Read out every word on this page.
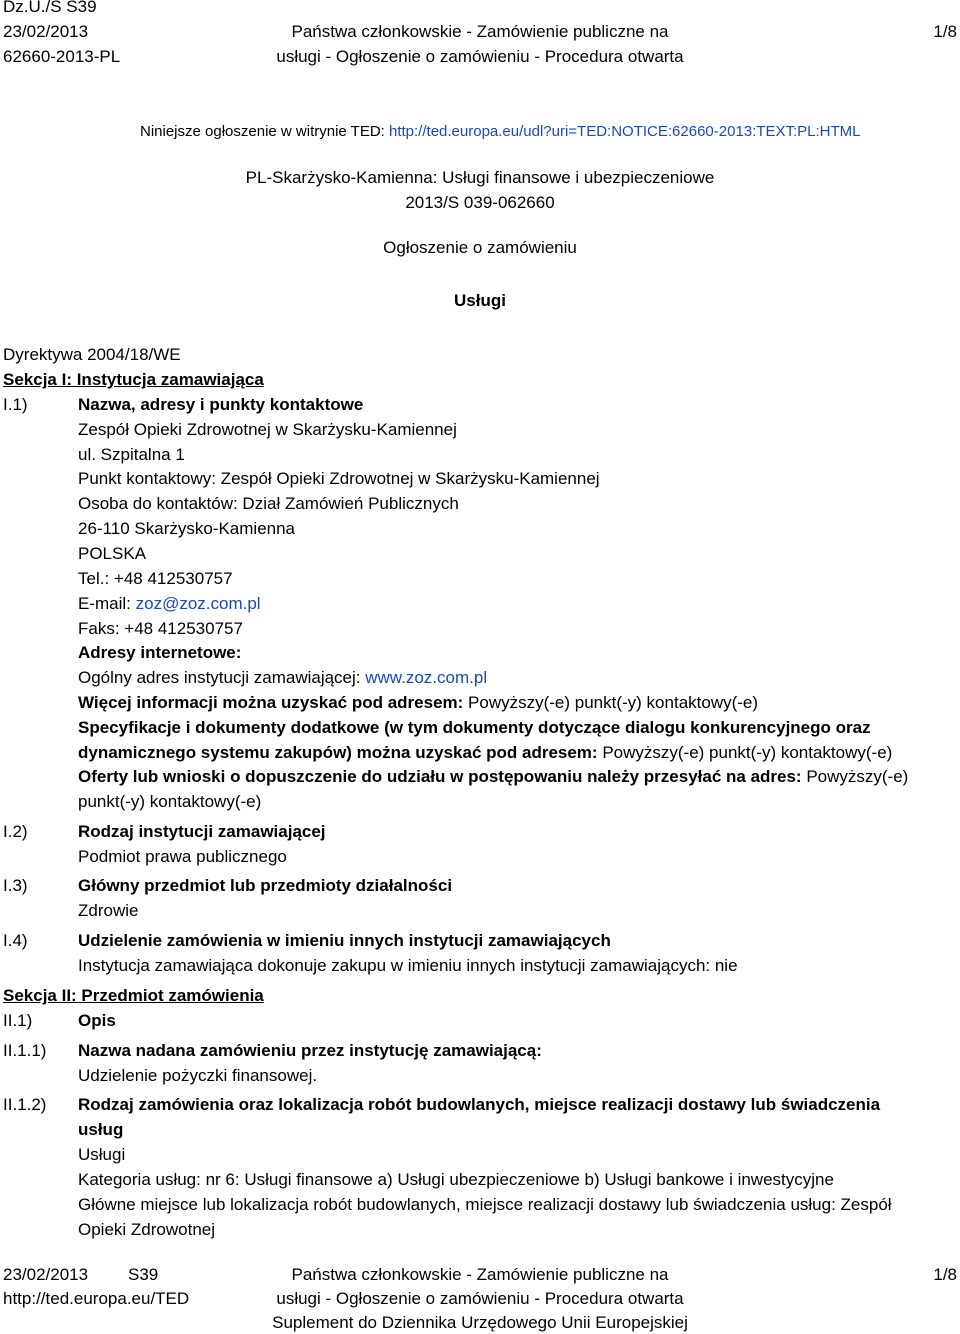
Dz.U./S S39
23/02/2013
62660-2013-PL
Państwa członkowskie - Zamówienie publiczne na
usługi - Ogłoszenie o zamówieniu - Procedura otwarta
1/8
Niniejsze ogłoszenie w witrynie TED: http://ted.europa.eu/udl?uri=TED:NOTICE:62660-2013:TEXT:PL:HTML
PL-Skarżysko-Kamienna: Usługi finansowe i ubezpieczeniowe
2013/S 039-062660
Ogłoszenie o zamówieniu
Usługi
Dyrektywa 2004/18/WE
Sekcja I: Instytucja zamawiająca
I.1)	Nazwa, adresy i punkty kontaktowe
Zespół Opieki Zdrowotnej w Skarżysku-Kamiennej
ul. Szpitalna 1
Punkt kontaktowy: Zespół Opieki Zdrowotnej w Skarżysku-Kamiennej
Osoba do kontaktów: Dział Zamówień Publicznych
26-110 Skarżysko-Kamienna
POLSKA
Tel.: +48 412530757
E-mail: zoz@zoz.com.pl
Faks: +48 412530757
Adresy internetowe:
Ogólny adres instytucji zamawiającej: www.zoz.com.pl
Więcej informacji można uzyskać pod adresem: Powyższy(-e) punkt(-y) kontaktowy(-e)
Specyfikacje i dokumenty dodatkowe (w tym dokumenty dotyczące dialogu konkurencyjnego oraz
dynamicznego systemu zakupów) można uzyskać pod adresem: Powyższy(-e) punkt(-y) kontaktowy(-e)
Oferty lub wnioski o dopuszczenie do udziału w postępowaniu należy przesyłać na adres: Powyższy(-e)
punkt(-y) kontaktowy(-e)
I.2)	Rodzaj instytucji zamawiającej
Podmiot prawa publicznego
I.3)	Główny przedmiot lub przedmioty działalności
Zdrowie
I.4)	Udzielenie zamówienia w imieniu innych instytucji zamawiających
Instytucja zamawiająca dokonuje zakupu w imieniu innych instytucji zamawiających: nie
Sekcja II: Przedmiot zamówienia
II.1)	Opis
II.1.1) Nazwa nadana zamówieniu przez instytucję zamawiającą:
Udzielenie pożyczki finansowej.
II.1.2) Rodzaj zamówienia oraz lokalizacja robót budowlanych, miejsce realizacji dostawy lub świadczenia
usług
Usługi
Kategoria usług: nr 6: Usługi finansowe a) Usługi ubezpieczeniowe b) Usługi bankowe i inwestycyjne
Główne miejsce lub lokalizacja robót budowlanych, miejsce realizacji dostawy lub świadczenia usług: Zespół
Opieki Zdrowotnej
23/02/2013 S39
http://ted.europa.eu/TED
Państwa członkowskie - Zamówienie publiczne na
usługi - Ogłoszenie o zamówieniu - Procedura otwarta
Suplement do Dziennika Urzędowego Unii Europejskiej
1/8
